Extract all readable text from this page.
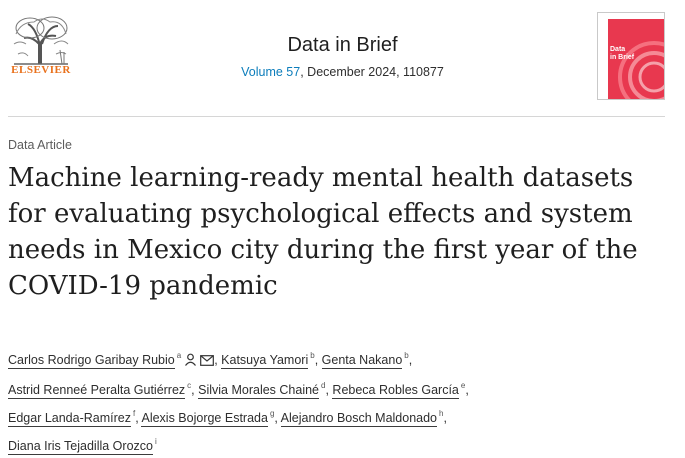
ELSEVIER
Data in Brief
Volume 57, December 2024, 110877
Data
in Brief
Data Article
Machine learning-ready mental health datasets for evaluating psychological effects and system needs in Mexico city during the first year of the COVID-19 pandemic
Carlos Rodrigo Garibay Rubio $^a$	, Katsuya Yamori $^b$, Genta Nakano $^b$,
Astrid Renneé Peralta Gutiérrez $^c$, Silvia Morales Chainé $^d$, Rebeca Robles García $^e$,
Edgar Landa-Ramírez $^f$, Alexis Bojorge Estrada $^g$, Alejandro Bosch Maldonado $^h$,
Diana Iris Tejadilla Orozco $^i$
